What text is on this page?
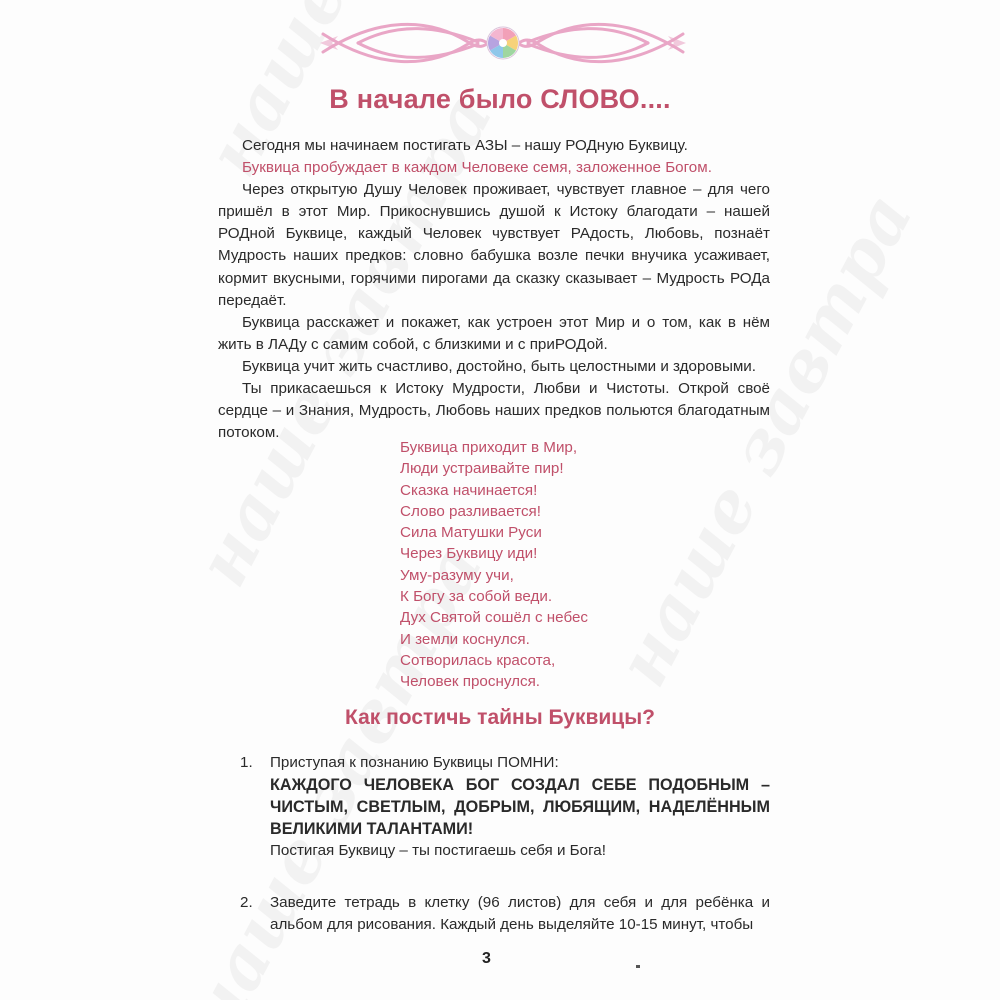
В начале было СЛОВО....

Сегодня мы начинаем постигать АЗЫ – нашу РОДную Буквицу.

Буквица пробуждает в каждом Человеке семя, заложенное Богом.

Через открытую Душу Человек проживает, чувствует главное – для чего пришёл в этот Мир. Прикоснувшись душой к Истоку благодати – нашей РОДной Буквице, каждый Человек чувствует РАдость, Любовь, познаёт Мудрость наших предков: словно бабушка возле печки внучика усаживает, кормит вкусными, горячими пирогами да сказку сказывает – Мудрость РОДа передаёт.

Буквица расскажет и покажет, как устроен этот Мир и о том, как в нём жить в ЛАДу с самим собой, с близкими и с приРОДой.

Буквица учит жить счастливо, достойно, быть целостными и здоровыми.

Ты прикасаешься к Истоку Мудрости, Любви и Чистоты. Открой своё сердце – и Знания, Мудрость, Любовь наших предков польются благодатным потоком.

Буквица приходит в Мир,
Люди устраивайте пир!
Сказка начинается!
Слово разливается!
Сила Матушки Руси
Через Буквицу иди!
Уму-разуму учи,
К Богу за собой веди.
Дух Святой сошёл с небес
И земли коснулся.
Сотворилась красота,
Человек проснулся.
Как постичь тайны Буквицы?
1. Приступая к познанию Буквицы ПОМНИ:

КАЖДОГО ЧЕЛОВЕКА БОГ СОЗДАЛ СЕБЕ ПОДОБНЫМ – ЧИСТЫМ, СВЕТЛЫМ, ДОБРЫМ, ЛЮБЯЩИМ, НАДЕЛЁННЫМ ВЕЛИКИМИ ТАЛАНТАМИ!

Постигая Буквицу – ты постигаешь себя и Бога!

2. Заведите тетрадь в клетку (96 листов) для себя и для ребёнка и альбом для рисования. Каждый день выделяйте 10-15 минут, чтобы

3
